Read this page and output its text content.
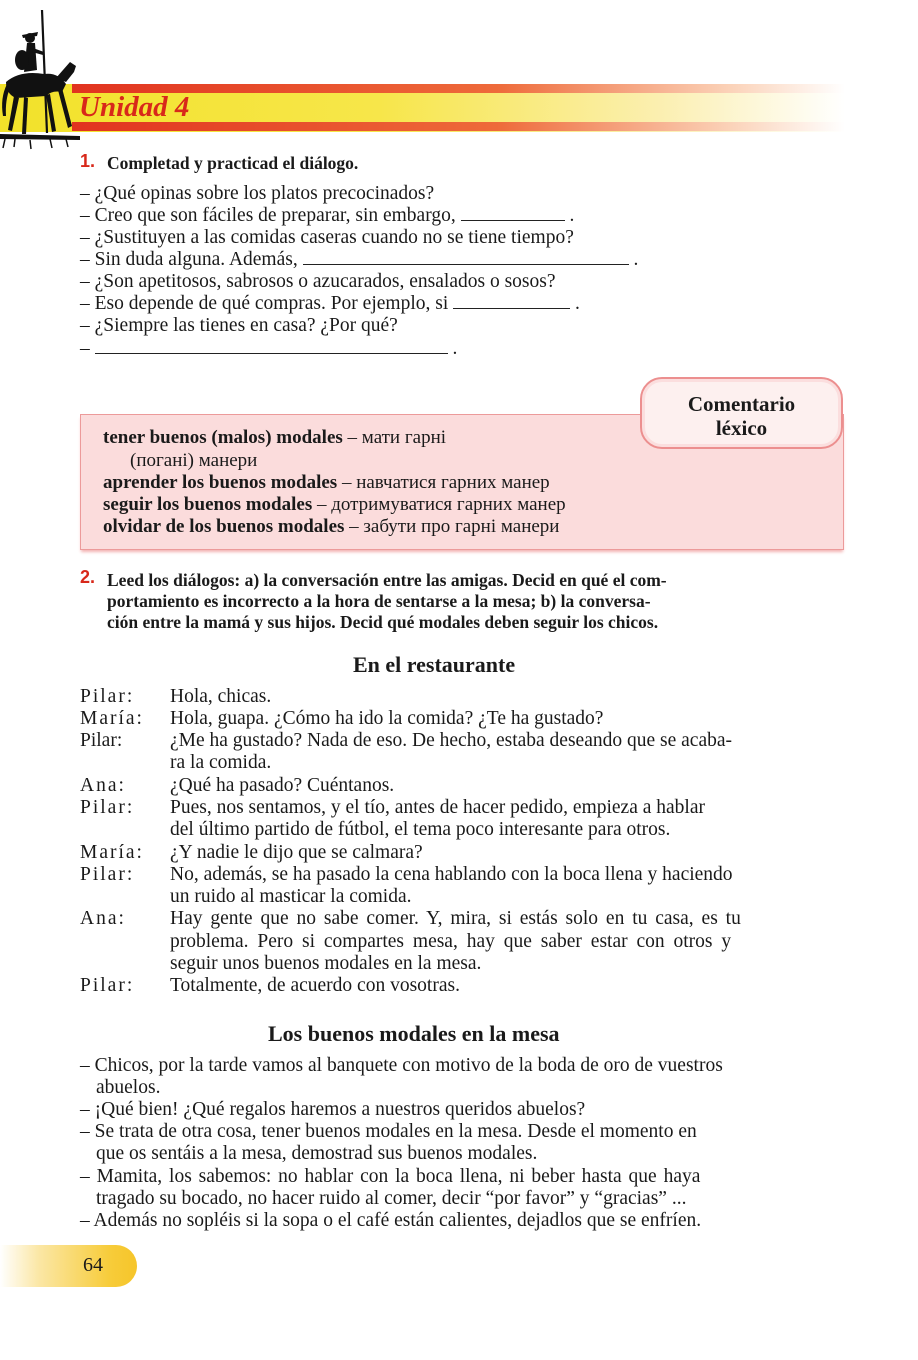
Unidad 4
1. Completad y practicad el diálogo.
– ¿Qué opinas sobre los platos precocinados?
– Creo que son fáciles de preparar, sin embargo,	.
– ¿Sustituyen a las comidas caseras cuando no se tiene tiempo?
– Sin duda alguna. Además,	.
– ¿Son apetitosos, sabrosos o azucarados, ensalados o sosos?
– Eso depende de qué compras. Por ejemplo, si	.
– ¿Siempre las tienes en casa? ¿Por qué?
–	.
Comentario
léxico
tener buenos (malos) modales – мати гарні
(погані) манери
aprender los buenos modales – навчатися гарних манер
seguir los buenos modales – дотримуватися гарних манер
olvidar de los buenos modales – забути про гарні манери
2. Leed los diálogos: a) la conversación entre las amigas. Decid en qué el com-
portamiento es incorrecto a la hora de sentarse a la mesa; b) la conversa-
ción entre la mamá y sus hijos. Decid qué modales deben seguir los chicos.
En el restaurante
Pilar: Hola, chicas.
María: Hola, guapa. ¿Cómo ha ido la comida? ¿Te ha gustado?
Pilar: ¿Me ha gustado? Nada de eso. De hecho, estaba deseando que se acaba-
ra la comida.
Ana: ¿Qué ha pasado? Cuéntanos.
Pilar: Pues, nos sentamos, y el tío, antes de hacer pedido, empieza a hablar
del último partido de fútbol, el tema poco interesante para otros.
María: ¿Y nadie le dijo que se calmara?
Pilar: No, además, se ha pasado la cena hablando con la boca llena y haciendo
un ruido al masticar la comida.
Ana: Hay gente que no sabe comer. Y, mira, si estás solo en tu casa, es tu
problema. Pero si compartes mesa, hay que saber estar con otros y
seguir unos buenos modales en la mesa.
Pilar: Totalmente, de acuerdo con vosotras.
Los buenos modales en la mesa
– Chicos, por la tarde vamos al banquete con motivo de la boda de oro de vuestros
abuelos.
– ¡Qué bien! ¿Qué regalos haremos a nuestros queridos abuelos?
– Se trata de otra cosa, tener buenos modales en la mesa. Desde el momento en
que os sentáis a la mesa, demostrad sus buenos modales.
– Mamita, los sabemos: no hablar con la boca llena, ni beber hasta que haya
tragado su bocado, no hacer ruido al comer, decir “por favor” y “gracias” ...
– Además no sopléis si la sopa o el café están calientes, dejadlos que se enfríen.
64
